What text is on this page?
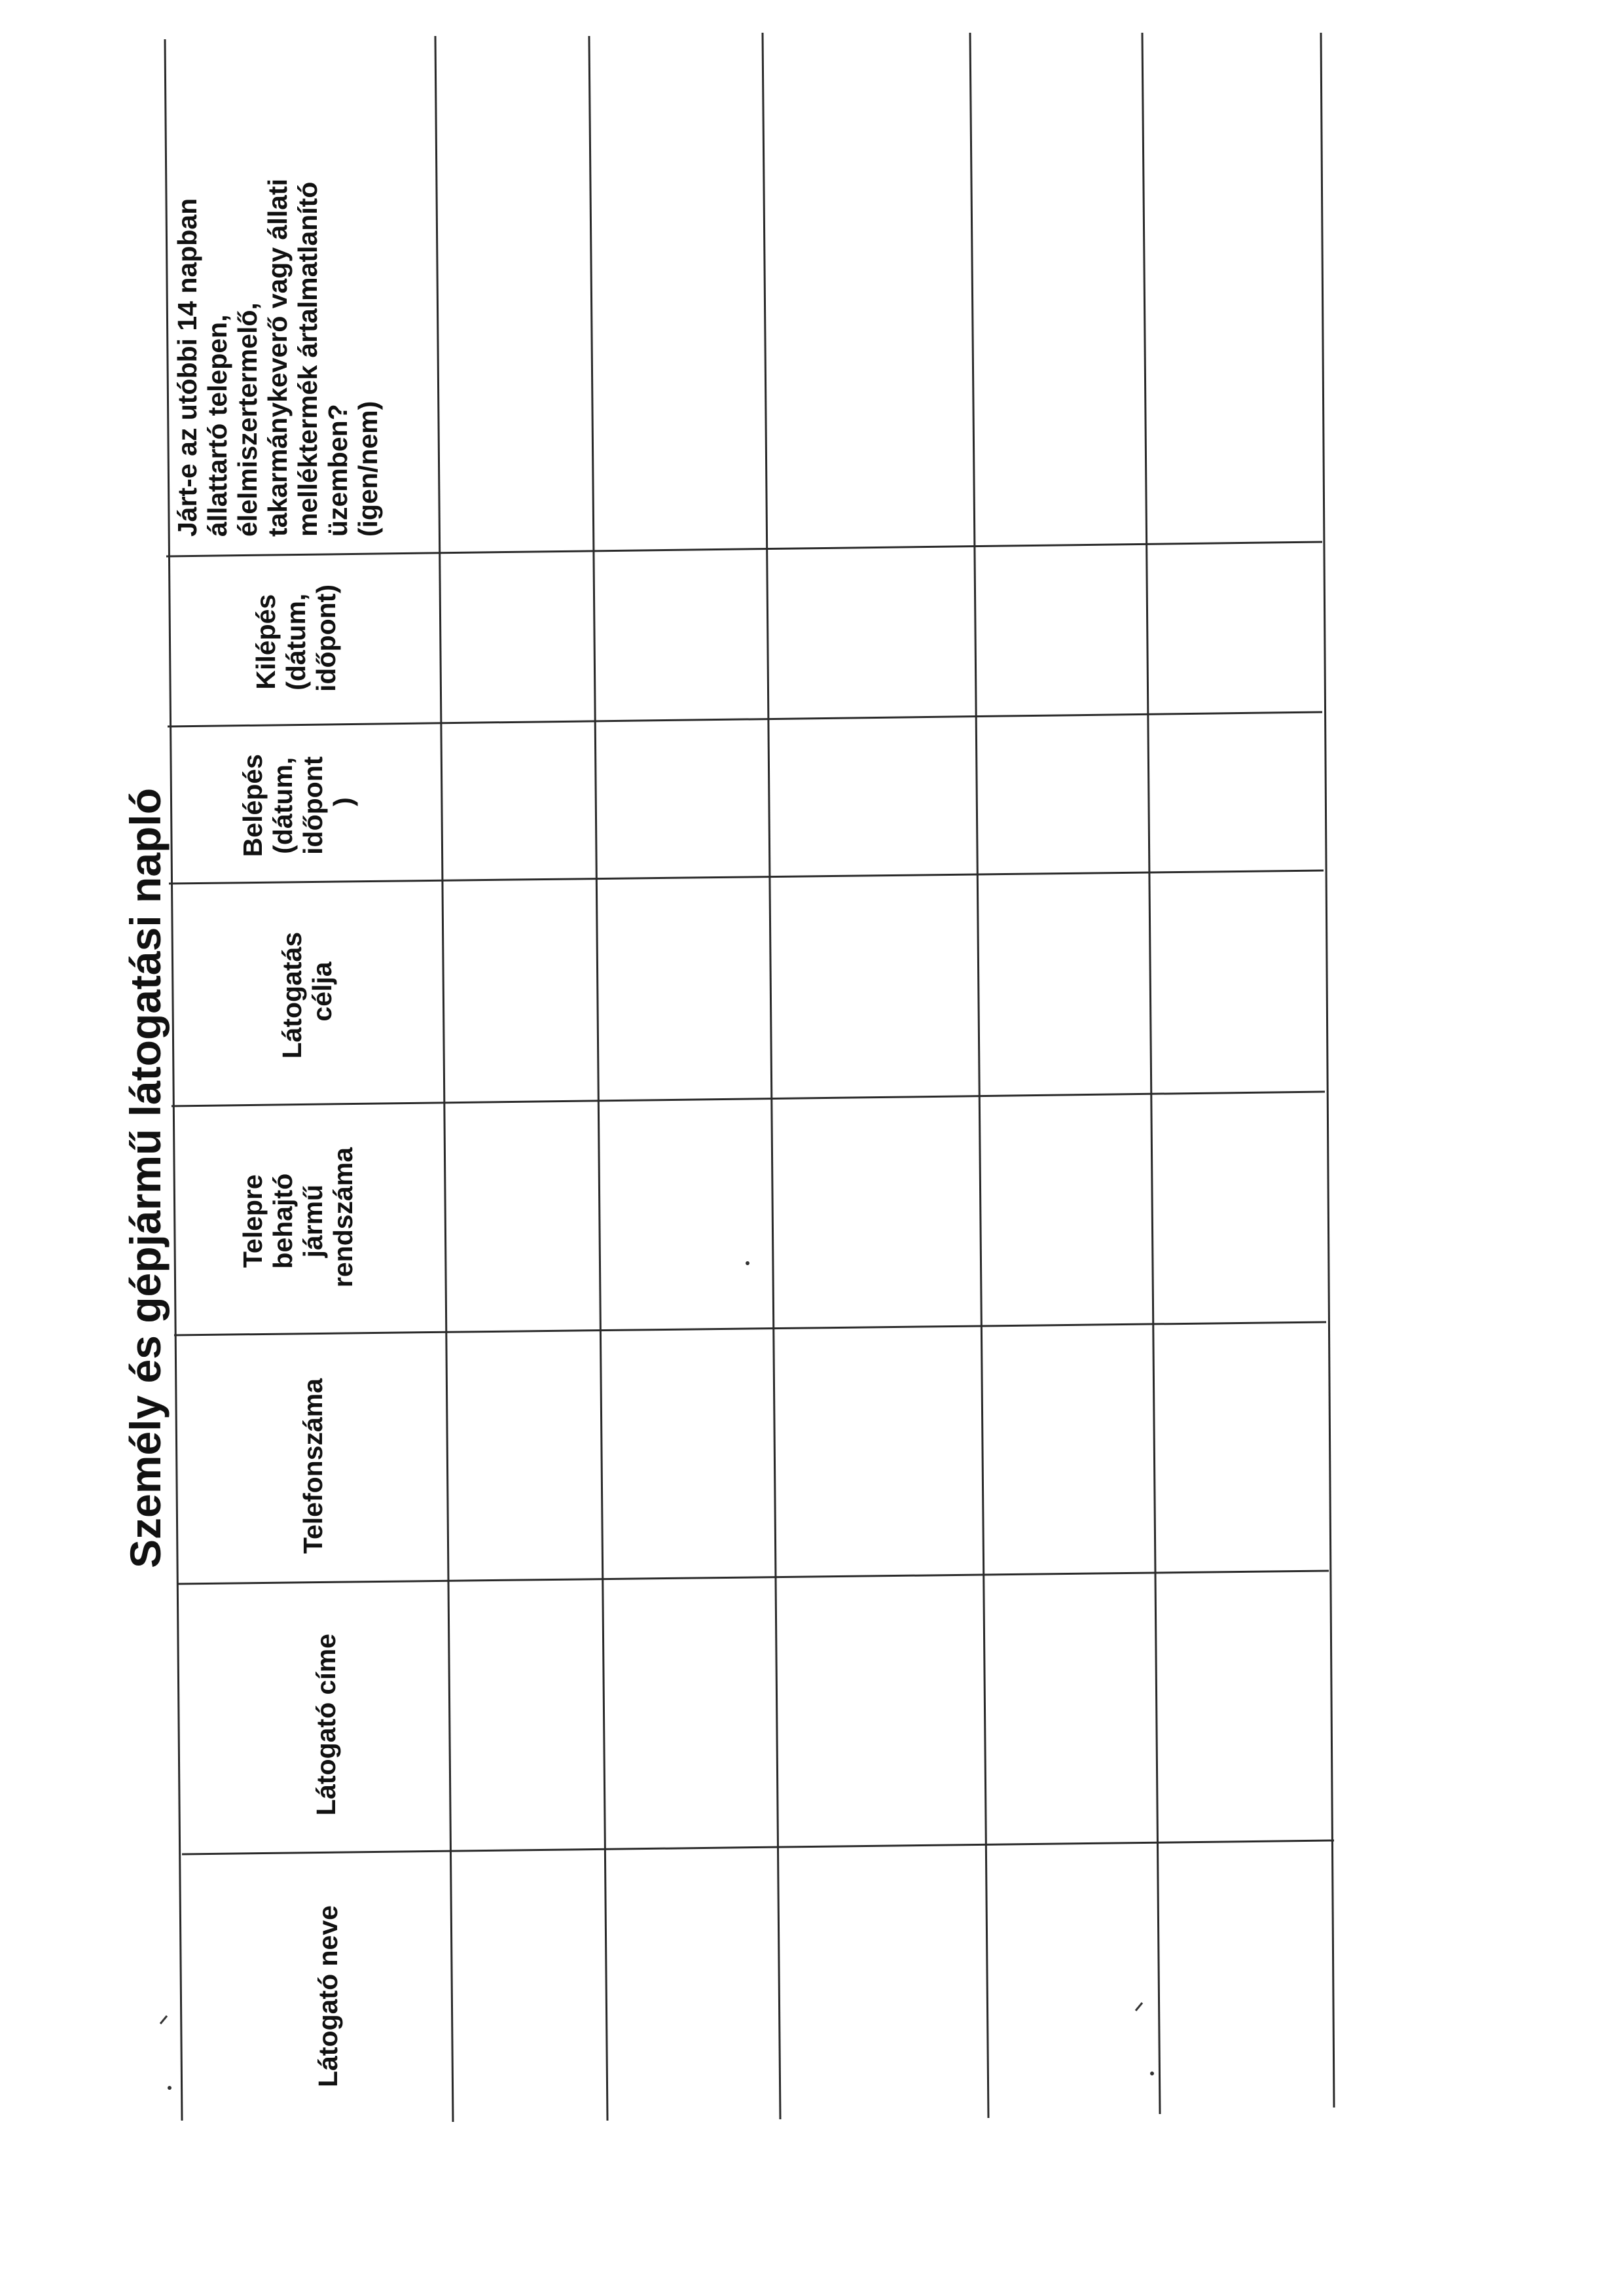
Személy és gépjármű látogatási napló
Látogató neve
Látogató címe
Telefonszáma
Telepre behajtó jármű rendszáma
Látogatás célja
Belépés (dátum, időpont )
Kilépés (dátum, időpont)
Járt-e az utóbbi 14 napban állattartó telepen, élelmiszertermelő, takarmánykeverő vagy állati melléktermék ártalmatlanító üzemben? (igen/nem)
